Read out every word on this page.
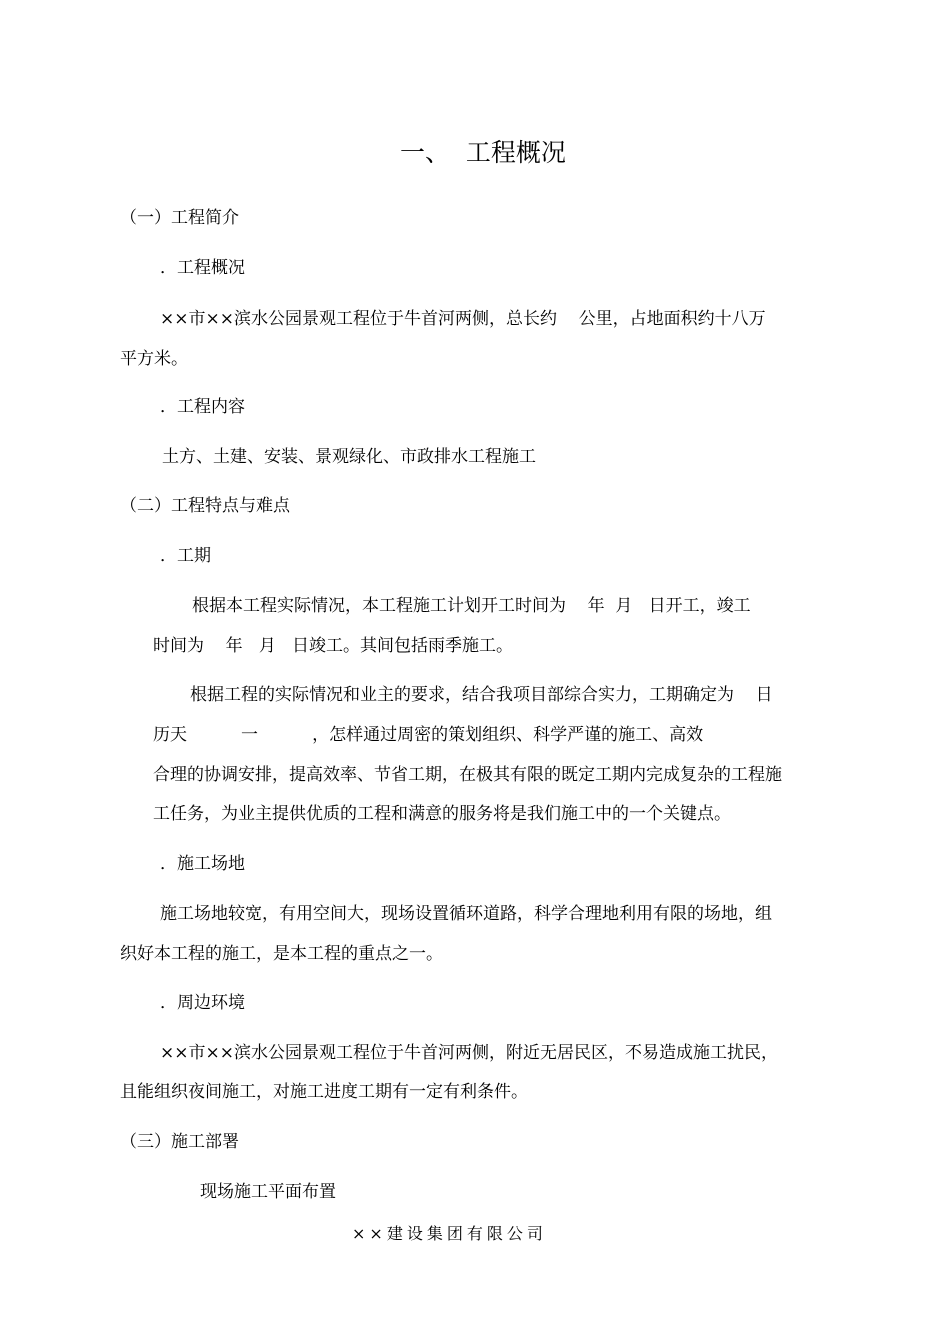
一、  工程概况
（一）工程简介
．工程概况
××市××滨水公园景观工程位于牛首河两侧，总长约    公里，占地面积约十八万
平方米。
．工程内容
土方、土建、安装、景观绿化、市政排水工程施工
（二）工程特点与难点
．工期
根据本工程实际情况，本工程施工计划开工时间为    年  月   日开工，竣工
时间为    年   月   日竣工。其间包括雨季施工。
根据工程的实际情况和业主的要求，结合我项目部综合实力，工期确定为    日
历天          一          ，怎样通过周密的策划组织、科学严谨的施工、高效
合理的协调安排，提高效率、节省工期，在极其有限的既定工期内完成复杂的工程施
工任务，为业主提供优质的工程和满意的服务将是我们施工中的一个关键点。
．施工场地
施工场地较宽，有用空间大，现场设置循环道路，科学合理地利用有限的场地，组
织好本工程的施工，是本工程的重点之一。
．周边环境
××市××滨水公园景观工程位于牛首河两侧，附近无居民区，不易造成施工扰民，
且能组织夜间施工，对施工进度工期有一定有利条件。
（三）施工部署
现场施工平面布置
××建设集团有限公司
